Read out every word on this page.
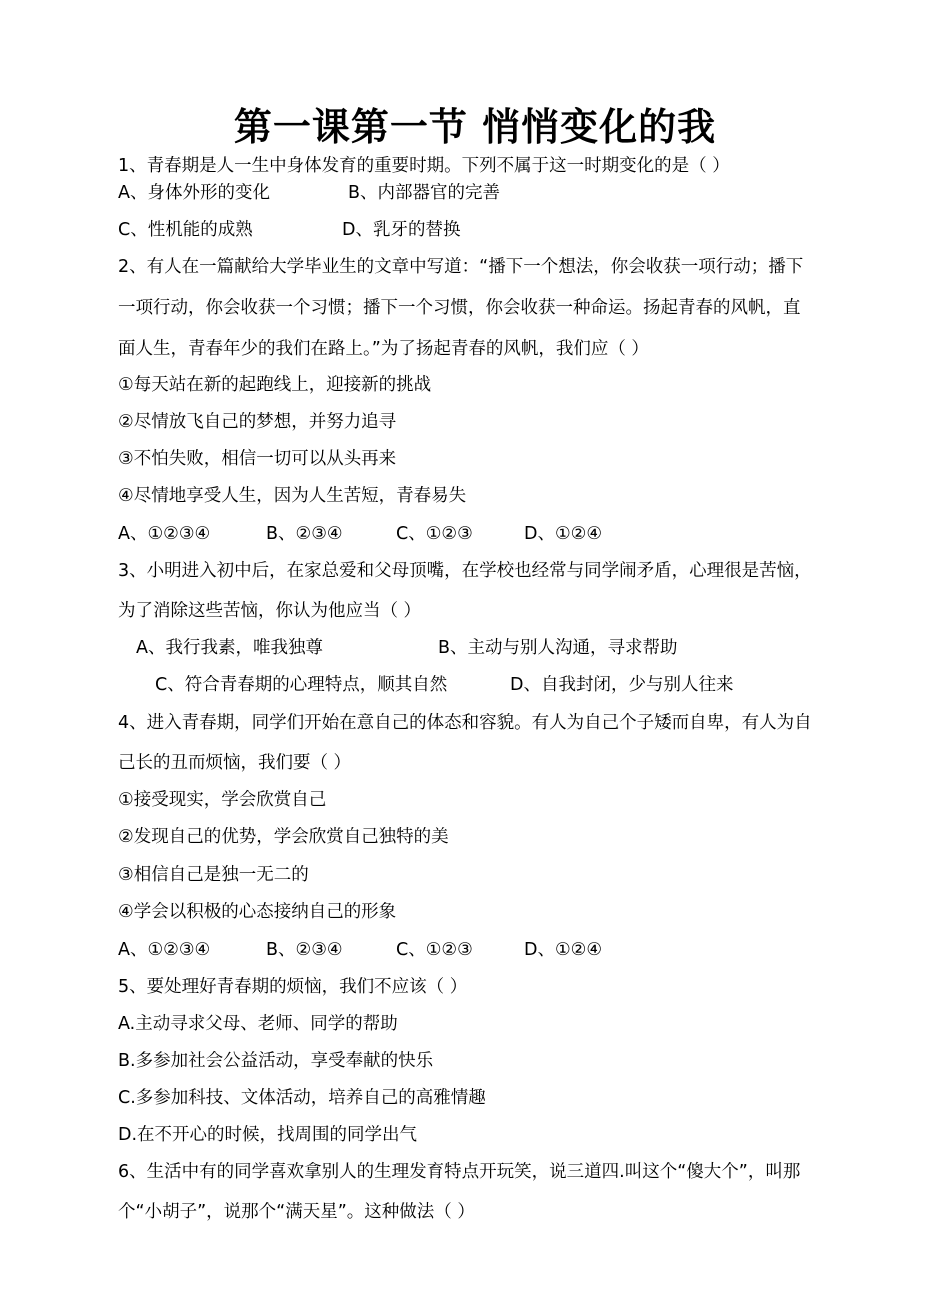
第一课第一节 悄悄变化的我
1、青春期是人一生中身体发育的重要时期。下列不属于这一时期变化的是（ ）
A、身体外形的变化	B、内部器官的完善
C、性机能的成熟	D、乳牙的替换
2、有人在一篇献给大学毕业生的文章中写道：“播下一个想法，你会收获一项行动；播下
一项行动，你会收获一个习惯；播下一个习惯，你会收获一种命运。扬起青春的风帆，直
面人生，青春年少的我们在路上。”为了扬起青春的风帆，我们应（ ）
①每天站在新的起跑线上，迎接新的挑战
②尽情放飞自己的梦想，并努力追寻
③不怕失败，相信一切可以从头再来
④尽情地享受人生，因为人生苦短，青春易失
A、①②③④	B、②③④	C、①②③	D、①②④
3、小明进入初中后，在家总爱和父母顶嘴，在学校也经常与同学闹矛盾，心理很是苦恼，
为了消除这些苦恼，你认为他应当（ ）
A、我行我素，唯我独尊	B、主动与别人沟通，寻求帮助
C、符合青春期的心理特点，顺其自然	D、自我封闭，少与别人往来
4、进入青春期，同学们开始在意自己的体态和容貌。有人为自己个子矮而自卑，有人为自
己长的丑而烦恼，我们要（ ）
①接受现实，学会欣赏自己
②发现自己的优势，学会欣赏自己独特的美
③相信自己是独一无二的
④学会以积极的心态接纳自己的形象
A、①②③④	B、②③④	C、①②③	D、①②④
5、要处理好青春期的烦恼，我们不应该（ ）
A.主动寻求父母、老师、同学的帮助
B.多参加社会公益活动，享受奉献的快乐
C.多参加科技、文体活动，培养自己的高雅情趣
D.在不开心的时候，找周围的同学出气
6、生活中有的同学喜欢拿别人的生理发育特点开玩笑，说三道四.叫这个“傻大个”，叫那
个“小胡子”，说那个“满天星”。这种做法（ ）
